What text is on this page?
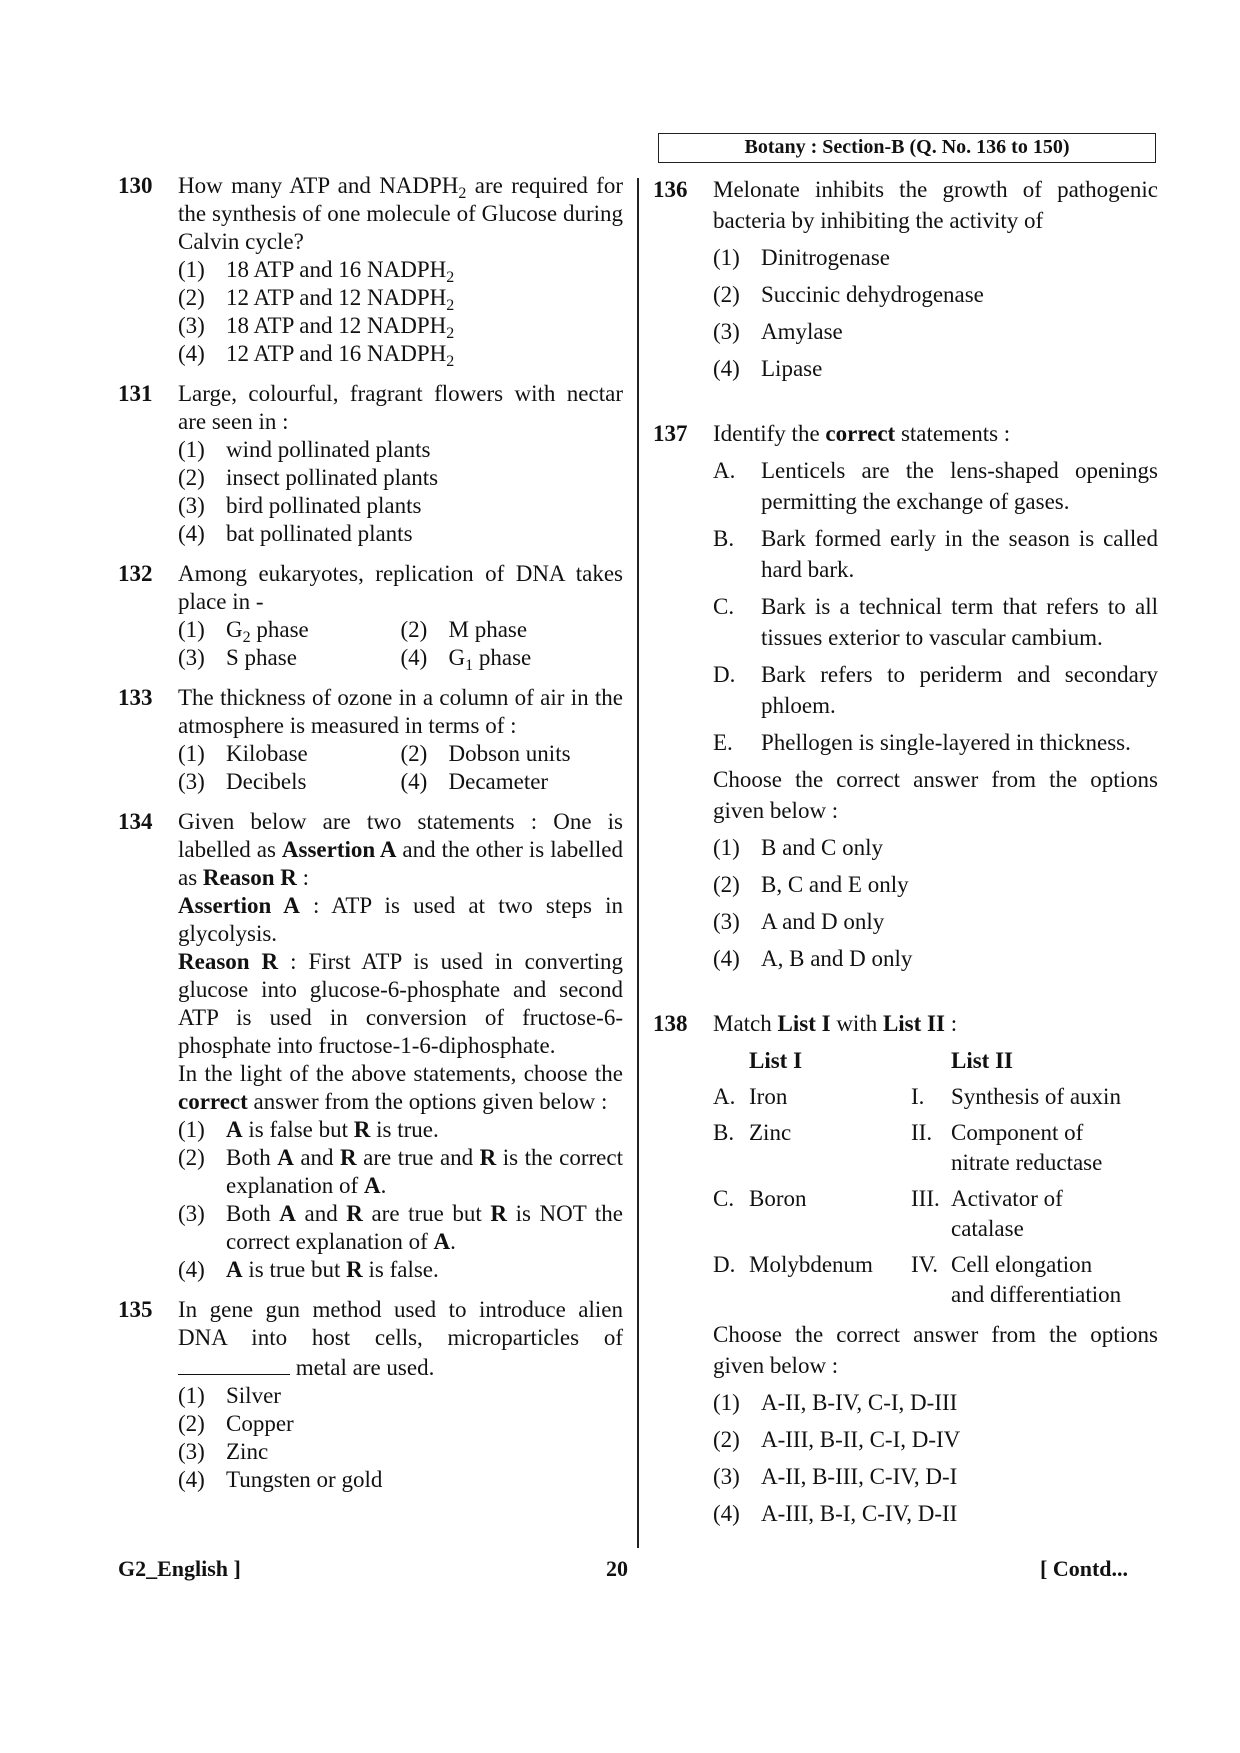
Botany : Section-B (Q. No. 136 to 150)
130 How many ATP and $NADPH_2$ are required for the synthesis of one molecule of Glucose during Calvin cycle?
(1) 18 ATP and 16 $NADPH_2$
(2) 12 ATP and 12 $NADPH_2$
(3) 18 ATP and 12 $NADPH_2$
(4) 12 ATP and 16 $NADPH_2$
131 Large, colourful, fragrant flowers with nectar are seen in :
(1) wind pollinated plants
(2) insect pollinated plants
(3) bird pollinated plants
(4) bat pollinated plants
132 Among eukaryotes, replication of DNA takes place in -
(1) $G_2$ phase	(2) M phase
(3) S phase	(4) $G_1$ phase
133 The thickness of ozone in a column of air in the atmosphere is measured in terms of :
(1) Kilobase	(2) Dobson units
(3) Decibels	(4) Decameter
134 Given below are two statements : One is labelled as Assertion A and the other is labelled as Reason R :
Assertion A : ATP is used at two steps in glycolysis.
Reason R : First ATP is used in converting glucose into glucose-6-phosphate and second ATP is used in conversion of fructose-6-phosphate into fructose-1-6-diphosphate.
In the light of the above statements, choose the correct answer from the options given below :
(1) A is false but R is true.
(2) Both A and R are true and R is the correct explanation of A.
(3) Both A and R are true but R is NOT the correct explanation of A.
(4) A is true but R is false.
135 In gene gun method used to introduce alien DNA into host cells, microparticles of  metal are used.
(1) Silver
(2) Copper
(3) Zinc
(4) Tungsten or gold
136 Melonate inhibits the growth of pathogenic bacteria by inhibiting the activity of
(1) Dinitrogenase
(2) Succinic dehydrogenase
(3) Amylase
(4) Lipase
137 Identify the correct statements :
A. Lenticels are the lens-shaped openings permitting the exchange of gases.
B. Bark formed early in the season is called hard bark.
C. Bark is a technical term that refers to all tissues exterior to vascular cambium.
D. Bark refers to periderm and secondary phloem.
E. Phellogen is single-layered in thickness.
Choose the correct answer from the options given below :
(1) B and C only
(2) B, C and E only
(3) A and D only
(4) A, B and D only
138 Match List I with List II :
	List I		List II
A.	Iron	I.	Synthesis of auxin
B.	Zinc	II.	Component of nitrate reductase
C.	Boron	III.	Activator of catalase
D.	Molybdenum	IV.	Cell elongation and differentiation
Choose the correct answer from the options given below :
(1) A-II, B-IV, C-I, D-III
(2) A-III, B-II, C-I, D-IV
(3) A-II, B-III, C-IV, D-I
(4) A-III, B-I, C-IV, D-II
G2_English ]	20	[ Contd...
